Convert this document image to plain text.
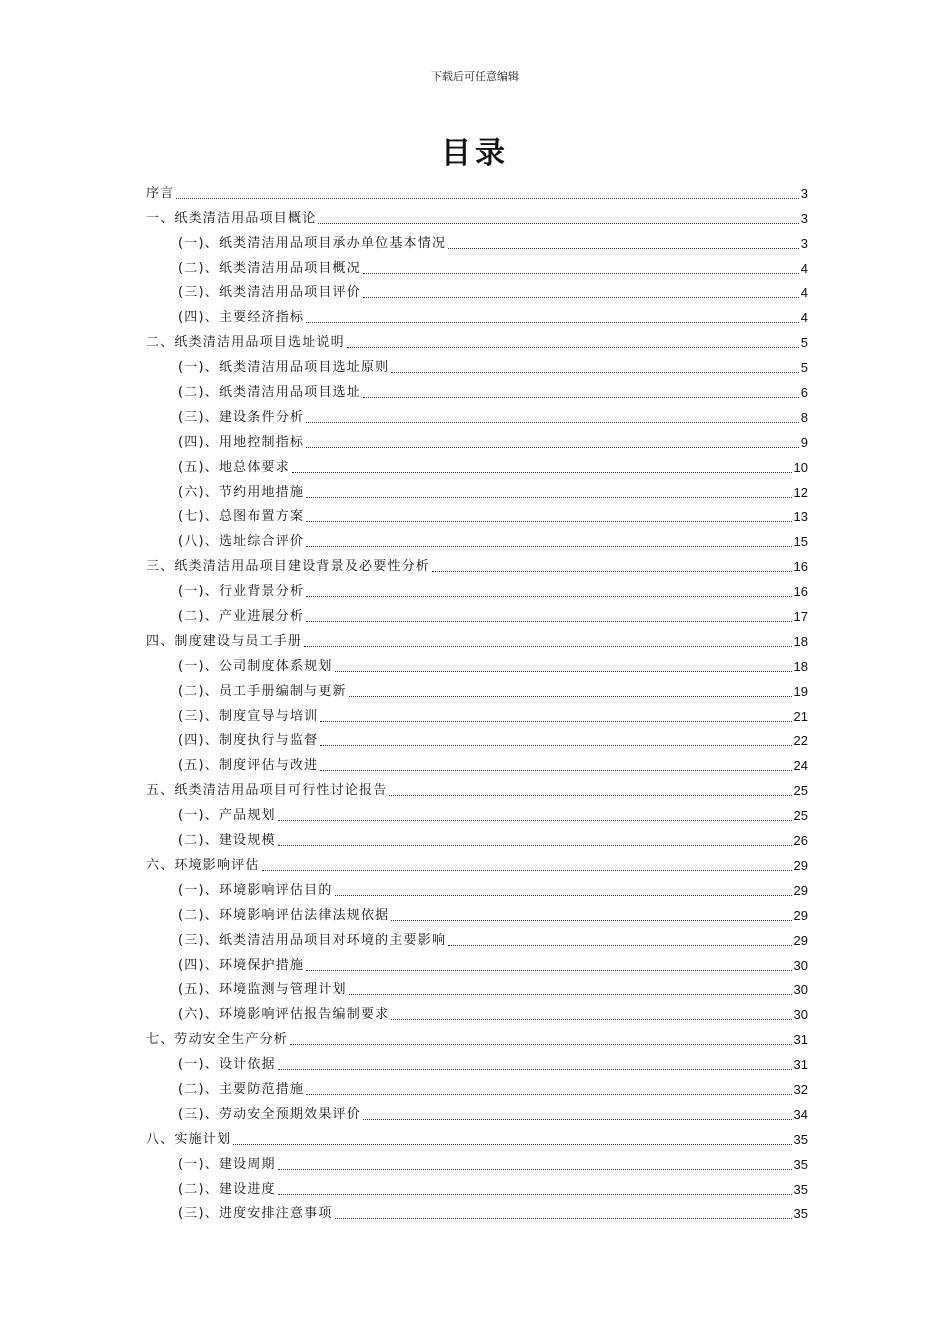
下载后可任意编辑
目录
序言	3
一、纸类清洁用品项目概论	3
(一)、纸类清洁用品项目承办单位基本情况	3
(二)、纸类清洁用品项目概况	4
(三)、纸类清洁用品项目评价	4
(四)、主要经济指标	4
二、纸类清洁用品项目选址说明	5
(一)、纸类清洁用品项目选址原则	5
(二)、纸类清洁用品项目选址	6
(三)、建设条件分析	8
(四)、用地控制指标	9
(五)、地总体要求	10
(六)、节约用地措施	12
(七)、总图布置方案	13
(八)、选址综合评价	15
三、纸类清洁用品项目建设背景及必要性分析	16
(一)、行业背景分析	16
(二)、产业进展分析	17
四、制度建设与员工手册	18
(一)、公司制度体系规划	18
(二)、员工手册编制与更新	19
(三)、制度宣导与培训	21
(四)、制度执行与监督	22
(五)、制度评估与改进	24
五、纸类清洁用品项目可行性讨论报告	25
(一)、产品规划	25
(二)、建设规模	26
六、环境影响评估	29
(一)、环境影响评估目的	29
(二)、环境影响评估法律法规依据	29
(三)、纸类清洁用品项目对环境的主要影响	29
(四)、环境保护措施	30
(五)、环境监测与管理计划	30
(六)、环境影响评估报告编制要求	30
七、劳动安全生产分析	31
(一)、设计依据	31
(二)、主要防范措施	32
(三)、劳动安全预期效果评价	34
八、实施计划	35
(一)、建设周期	35
(二)、建设进度	35
(三)、进度安排注意事项	35
